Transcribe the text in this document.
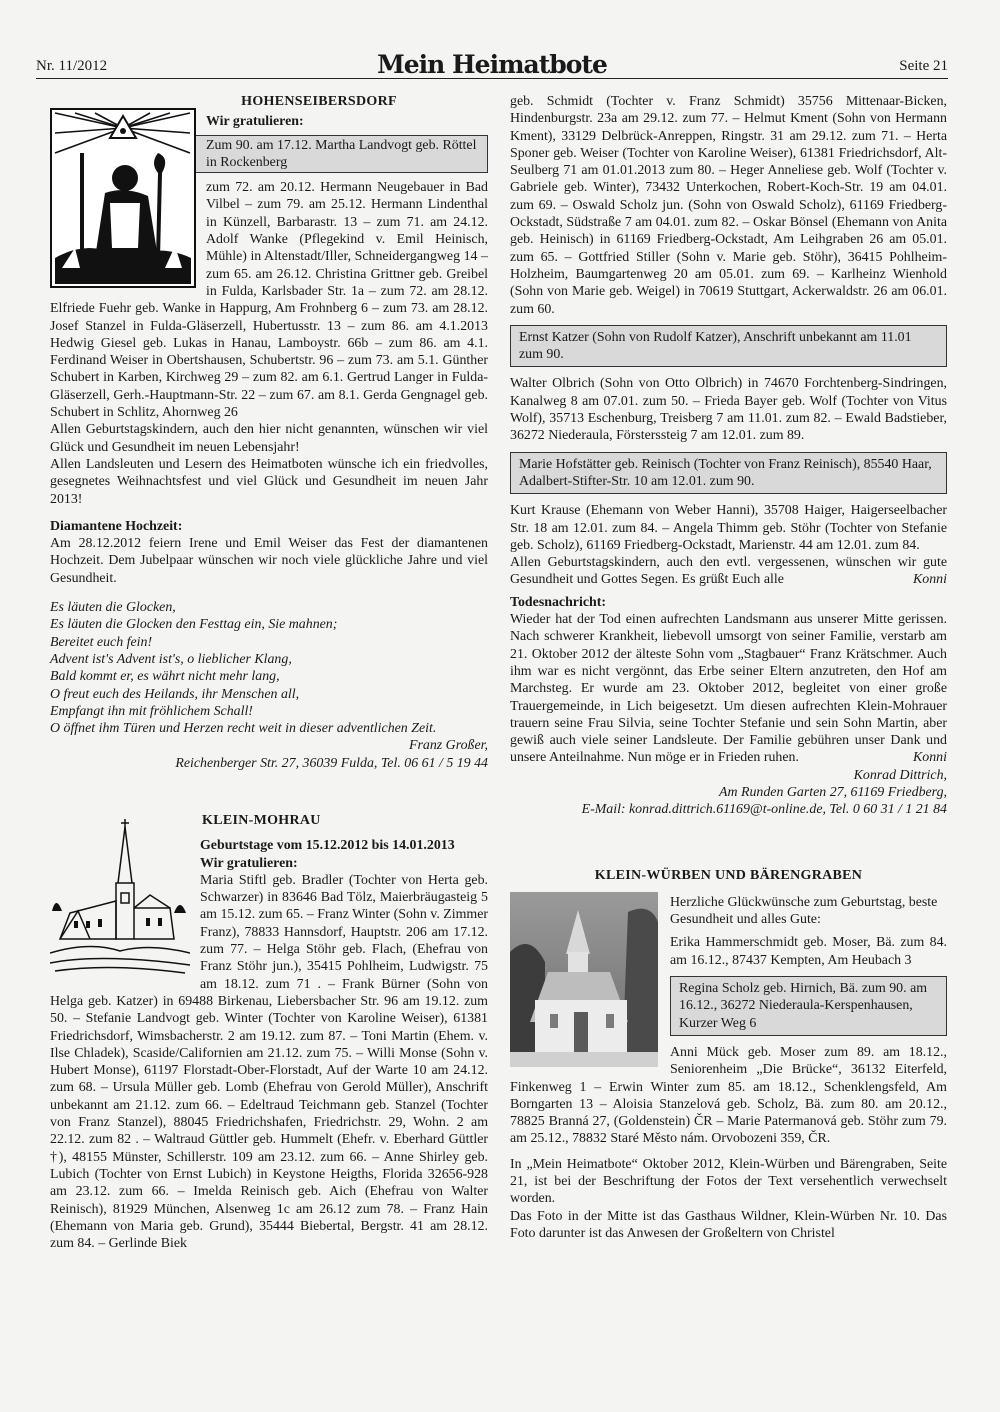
Nr. 11/2012	Mein Heimatbote	Seite 21
HOHENSEIBERSDORF

Wir gratulieren:

Zum 90. am 17.12. Martha Landvogt geb. Röttel in Rockenberg

zum 72. am 20.12. Hermann Neugebauer in Bad Vilbel – zum 79. am 25.12. Hermann Lindenthal in Künzell, Barbarastr. 13 – zum 71. am 24.12. Adolf Wanke (Pflegekind v. Emil Heinisch, Mühle) in Altenstadt/Iller, Schneidergangweg 14 – zum 65. am 26.12. Christina Grittner geb. Greibel in Fulda, Karlsbader Str. 1a – zum 72. am 28.12. Elfriede Fuehr geb. Wanke in Happurg, Am Frohnberg 6 – zum 73. am 28.12. Josef Stanzel in Fulda-Gläserzell, Hubertusstr. 13 – zum 86. am 4.1.2013 Hedwig Giesel geb. Lukas in Hanau, Lamboystr. 66b – zum 86. am 4.1. Ferdinand Weiser in Obertshausen, Schubertstr. 96 – zum 73. am 5.1. Günther Schubert in Karben, Kirchweg 29 – zum 82. am 6.1. Gertrud Langer in Fulda-Gläserzell, Gerh.-Hauptmann-Str. 22 – zum 67. am 8.1. Gerda Gengnagel geb. Schubert in Schlitz, Ahornweg 26

Allen Geburtstagskindern, auch den hier nicht genannten, wünschen wir viel Glück und Gesundheit im neuen Lebensjahr!

Allen Landsleuten und Lesern des Heimatboten wünsche ich ein friedvolles, gesegnetes Weihnachtsfest und viel Glück und Gesundheit im neuen Jahr 2013!

Diamantene Hochzeit:

Am 28.12.2012 feiern Irene und Emil Weiser das Fest der diamantenen Hochzeit. Dem Jubelpaar wünschen wir noch viele glückliche Jahre und viel Gesundheit.

Es läuten die Glocken,
Es läuten die Glocken den Festtag ein, Sie mahnen;
Bereitet euch fein!
Advent ist's Advent ist's, o lieblicher Klang,
Bald kommt er, es währt nicht mehr lang,
O freut euch des Heilands, ihr Menschen all,
Empfangt ihn mit fröhlichem Schall!
O öffnet ihm Türen und Herzen recht weit in dieser adventlichen Zeit.
Franz Großer,
Reichenberger Str. 27, 36039 Fulda, Tel. 06 61 / 5 19 44
KLEIN-MOHRAU

Geburtstage vom 15.12.2012 bis 14.01.2013

Wir gratulieren:

Maria Stiftl geb. Bradler (Tochter von Herta geb. Schwarzer) in 83646 Bad Tölz, Maierbräugasteig 5 am 15.12. zum 65. – Franz Winter (Sohn v. Zimmer Franz), 78833 Hannsdorf, Hauptstr. 206 am 17.12. zum 77. – Helga Stöhr geb. Flach, (Ehefrau von Franz Stöhr jun.), 35415 Pohlheim, Ludwigstr. 75 am 18.12. zum 71 . – Frank Bürner (Sohn von Helga geb. Katzer) in 69488 Birkenau, Liebersbacher Str. 96 am 19.12. zum 50. – Stefanie Landvogt geb. Winter (Tochter von Karoline Weiser), 61381 Friedrichsdorf, Wimsbacherstr. 2 am 19.12. zum 87. – Toni Martin (Ehem. v. Ilse Chladek), Scaside/Californien am 21.12. zum 75. – Willi Monse (Sohn v. Hubert Monse), 61197 Florstadt-Ober-Florstadt, Auf der Warte 10 am 24.12. zum 68. – Ursula Müller geb. Lomb (Ehefrau von Gerold Müller), Anschrift unbekannt am 21.12. zum 66. – Edeltraud Teichmann geb. Stanzel (Tochter von Franz Stanzel), 88045 Friedrichshafen, Friedrichstr. 29, Wohn. 2 am 22.12. zum 82 . – Waltraud Güttler geb. Hummelt (Ehefr. v. Eberhard Güttler †), 48155 Münster, Schillerstr. 109 am 23.12. zum 66. – Anne Shirley geb. Lubich (Tochter von Ernst Lubich) in Keystone Heigths, Florida 32656-928 am 23.12. zum 66. – Imelda Reinisch geb. Aich (Ehefrau von Walter Reinisch), 81929 München, Alsenweg 1c am 26.12 zum 78. – Franz Hain (Ehemann von Maria geb. Grund), 35444 Biebertal, Bergstr. 41 am 28.12. zum 84. – Gerlinde Biek

geb. Schmidt (Tochter v. Franz Schmidt) 35756 Mittenaar-Bicken, Hindenburgstr. 23a am 29.12. zum 77. – Helmut Kment (Sohn von Hermann Kment), 33129 Delbrück-Anreppen, Ringstr. 31 am 29.12. zum 71. – Herta Sponer geb. Weiser (Tochter von Karoline Weiser), 61381 Friedrichsdorf, Alt-Seulberg 71 am 01.01.2013 zum 80. – Heger Anneliese geb. Wolf (Tochter v. Gabriele geb. Winter), 73432 Unterkochen, Robert-Koch-Str. 19 am 04.01. zum 69. – Oswald Scholz jun. (Sohn von Oswald Scholz), 61169 Friedberg-Ockstadt, Südstraße 7 am 04.01. zum 82. – Oskar Bönsel (Ehemann von Anita geb. Heinisch) in 61169 Friedberg-Ockstadt, Am Leihgraben 26 am 05.01. zum 65. – Gottfried Stiller (Sohn v. Marie geb. Stöhr), 36415 Pohlheim-Holzheim, Baumgartenweg 20 am 05.01. zum 69. – Karlheinz Wienhold (Sohn von Marie geb. Weigel) in 70619 Stuttgart, Ackerwaldstr. 26 am 06.01. zum 60.

Ernst Katzer (Sohn von Rudolf Katzer), Anschrift unbekannt am 11.01 zum 90.

Walter Olbrich (Sohn von Otto Olbrich) in 74670 Forchtenberg-Sindringen, Kanalweg 8 am 07.01. zum 50. – Frieda Bayer geb. Wolf (Tochter von Vitus Wolf), 35713 Eschenburg, Treisberg 7 am 11.01. zum 82. – Ewald Badstieber, 36272 Niederaula, Försterssteig 7 am 12.01. zum 89.

Marie Hofstätter geb. Reinisch (Tochter von Franz Reinisch), 85540 Haar, Adalbert-Stifter-Str. 10 am 12.01. zum 90.

Kurt Krause (Ehemann von Weber Hanni), 35708 Haiger, Haigerseelbacher Str. 18 am 12.01. zum 84. – Angela Thimm geb. Stöhr (Tochter von Stefanie geb. Scholz), 61169 Friedberg-Ockstadt, Marienstr. 44 am 12.01. zum 84.

Allen Geburtstagskindern, auch den evtl. vergessenen, wünschen wir gute Gesundheit und Gottes Segen. Es grüßt Euch alle	Konni

Todesnachricht:

Wieder hat der Tod einen aufrechten Landsmann aus unserer Mitte gerissen. Nach schwerer Krankheit, liebevoll umsorgt von seiner Familie, verstarb am 21. Oktober 2012 der älteste Sohn vom „Stagbauer“ Franz Krätschmer. Auch ihm war es nicht vergönnt, das Erbe seiner Eltern anzutreten, den Hof am Marchsteg. Er wurde am 23. Oktober 2012, begleitet von einer große Trauergemeinde, in Lich beigesetzt. Um diesen aufrechten Klein-Mohrauer trauern seine Frau Silvia, seine Tochter Stefanie und sein Sohn Martin, aber gewiß auch viele seiner Landsleute. Der Familie gebühren unser Dank und unsere Anteilnahme. Nun möge er in Frieden ruhen.	Konni

Konrad Dittrich,
Am Runden Garten 27, 61169 Friedberg,
E-Mail: konrad.dittrich.61169@t-online.de, Tel. 0 60 31 / 1 21 84
KLEIN-WÜRBEN UND BÄRENGRABEN

Herzliche Glückwünsche zum Geburtstag, beste Gesundheit und alles Gute:

Erika Hammerschmidt geb. Moser, Bä. zum 84. am 16.12., 87437 Kempten, Am Heubach 3

Regina Scholz geb. Hirnich, Bä. zum 90. am 16.12., 36272 Niederaula-Kerspenhausen, Kurzer Weg 6

Anni Mück geb. Moser zum 89. am 18.12., Seniorenheim „Die Brücke“, 36132 Eiterfeld, Finkenweg 1 – Erwin Winter zum 85. am 18.12., Schenklengsfeld, Am Borngarten 13 – Aloisia Stanzelová geb. Scholz, Bä. zum 80. am 20.12., 78825 Branná 27, (Goldenstein) ČR – Marie Patermanová geb. Stöhr zum 79. am 25.12., 78832 Staré Město nám. Orvobozeni 359, ČR.

In „Mein Heimatbote“ Oktober 2012, Klein-Würben und Bärengraben, Seite 21, ist bei der Beschriftung der Fotos der Text versehentlich verwechselt worden.

Das Foto in der Mitte ist das Gasthaus Wildner, Klein-Würben Nr. 10. Das Foto darunter ist das Anwesen der Großeltern von Christel
